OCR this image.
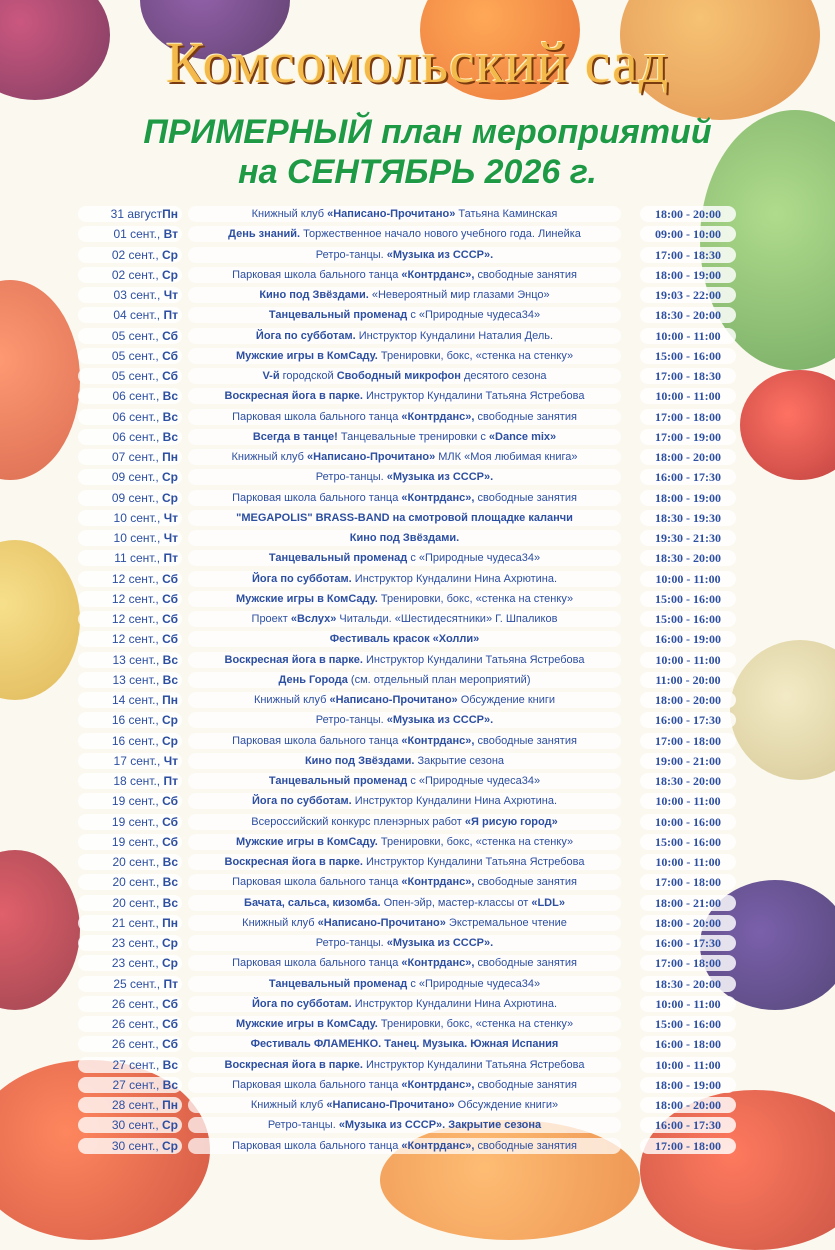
Комсомольский сад
ПРИМЕРНЫЙ план мероприятий
на СЕНТЯБРЬ 2026 г.
31 августПн	Книжный клуб «Написано-Прочитано» Татьяна Каминская	18:00 - 20:00
01 сент., Вт	День знаний. Торжественное начало нового учебного года. Линейка	09:00 - 10:00
02 сент., Ср	Ретро-танцы. «Музыка из СССР».	17:00 - 18:30
02 сент., Ср	Парковая школа бального танца «Контрданс», свободные занятия	18:00 - 19:00
03 сент., Чт	Кино под Звёздами. «Невероятный мир глазами Энцо»	19:03 - 22:00
04 сент., Пт	Танцевальный променад с «Природные чудеса34»	18:30 - 20:00
05 сент., Сб	Йога по субботам. Инструктор Кундалини Наталия Дель.	10:00 - 11:00
05 сент., Сб	Мужские игры в КомСаду. Тренировки, бокс, «стенка на стенку»	15:00 - 16:00
05 сент., Сб	V-й городской Свободный микрофон десятого сезона	17:00 - 18:30
06 сент., Вс	Воскресная йога в парке. Инструктор Кундалини Татьяна Ястребова	10:00 - 11:00
06 сент., Вс	Парковая школа бального танца «Контрданс», свободные занятия	17:00 - 18:00
06 сент., Вс	Всегда в танце! Танцевальные тренировки с «Dance mix»	17:00 - 19:00
07 сент., Пн	Книжный клуб «Написано-Прочитано» МЛК «Моя любимая книга»	18:00 - 20:00
09 сент., Ср	Ретро-танцы. «Музыка из СССР».	16:00 - 17:30
09 сент., Ср	Парковая школа бального танца «Контрданс», свободные занятия	18:00 - 19:00
10 сент., Чт	"MEGAPOLIS" BRASS-BAND на смотровой площадке каланчи	18:30 - 19:30
10 сент., Чт	Кино под Звёздами.	19:30 - 21:30
11 сент., Пт	Танцевальный променад с «Природные чудеса34»	18:30 - 20:00
12 сент., Сб	Йога по субботам. Инструктор Кундалини Нина Ахрютина.	10:00 - 11:00
12 сент., Сб	Мужские игры в КомСаду. Тренировки, бокс, «стенка на стенку»	15:00 - 16:00
12 сент., Сб	Проект «Вслух» Читальди. «Шестидесятники» Г. Шпаликов	15:00 - 16:00
12 сент., Сб	Фестиваль красок «Холли»	16:00 - 19:00
13 сент., Вс	Воскресная йога в парке. Инструктор Кундалини Татьяна Ястребова	10:00 - 11:00
13 сент., Вс	День Города (см. отдельный план мероприятий)	11:00 - 20:00
14 сент., Пн	Книжный клуб «Написано-Прочитано» Обсуждение книги	18:00 - 20:00
16 сент., Ср	Ретро-танцы. «Музыка из СССР».	16:00 - 17:30
16 сент., Ср	Парковая школа бального танца «Контрданс», свободные занятия	17:00 - 18:00
17 сент., Чт	Кино под Звёздами. Закрытие сезона	19:00 - 21:00
18 сент., Пт	Танцевальный променад с «Природные чудеса34»	18:30 - 20:00
19 сент., Сб	Йога по субботам. Инструктор Кундалини Нина Ахрютина.	10:00 - 11:00
19 сент., Сб	Всероссийский конкурс пленэрных работ «Я рисую город»	10:00 - 16:00
19 сент., Сб	Мужские игры в КомСаду. Тренировки, бокс, «стенка на стенку»	15:00 - 16:00
20 сент., Вс	Воскресная йога в парке. Инструктор Кундалини Татьяна Ястребова	10:00 - 11:00
20 сент., Вс	Парковая школа бального танца «Контрданс», свободные занятия	17:00 - 18:00
20 сент., Вс	Бачата, сальса, кизомба. Опен-эйр, мастер-классы от «LDL»	18:00 - 21:00
21 сент., Пн	Книжный клуб «Написано-Прочитано» Экстремальное чтение	18:00 - 20:00
23 сент., Ср	Ретро-танцы. «Музыка из СССР».	16:00 - 17:30
23 сент., Ср	Парковая школа бального танца «Контрданс», свободные занятия	17:00 - 18:00
25 сент., Пт	Танцевальный променад с «Природные чудеса34»	18:30 - 20:00
26 сент., Сб	Йога по субботам. Инструктор Кундалини Нина Ахрютина.	10:00 - 11:00
26 сент., Сб	Мужские игры в КомСаду. Тренировки, бокс, «стенка на стенку»	15:00 - 16:00
26 сент., Сб	Фестиваль ФЛАМЕНКО. Танец. Музыка. Южная Испания	16:00 - 18:00
27 сент., Вс	Воскресная йога в парке. Инструктор Кундалини Татьяна Ястребова	10:00 - 11:00
27 сент., Вс	Парковая школа бального танца «Контрданс», свободные занятия	18:00 - 19:00
28 сент., Пн	Книжный клуб «Написано-Прочитано» Обсуждение книги»	18:00 - 20:00
30 сент., Ср	Ретро-танцы. «Музыка из СССР». Закрытие сезона	16:00 - 17:30
30 сент., Ср	Парковая школа бального танца «Контрданс», свободные занятия	17:00 - 18:00
